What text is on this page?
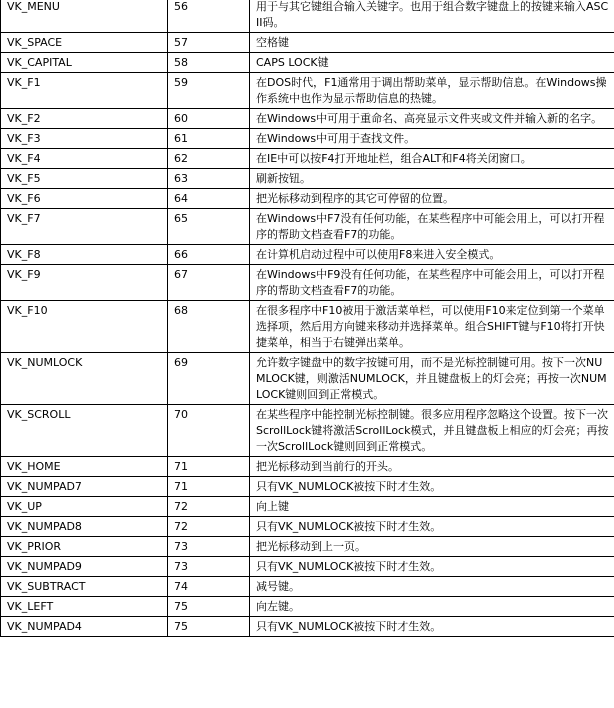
VK_MENU	56	用于与其它键组合输入关键字。也用于组合数字键盘上的按键来输入ASCII码。
VK_SPACE	57	空格键
VK_CAPITAL	58	CAPS LOCK键
VK_F1	59	在DOS时代，F1通常用于调出帮助菜单，显示帮助信息。在Windows操作系统中也作为显示帮助信息的热键。
VK_F2	60	在Windows中可用于重命名、高亮显示文件夹或文件并输入新的名字。
VK_F3	61	在Windows中可用于查找文件。
VK_F4	62	在IE中可以按F4打开地址栏，组合ALT和F4将关闭窗口。
VK_F5	63	刷新按钮。
VK_F6	64	把光标移动到程序的其它可停留的位置。
VK_F7	65	在Windows中F7没有任何功能，在某些程序中可能会用上，可以打开程序的帮助文档查看F7的功能。
VK_F8	66	在计算机启动过程中可以使用F8来进入安全模式。
VK_F9	67	在Windows中F9没有任何功能，在某些程序中可能会用上，可以打开程序的帮助文档查看F7的功能。
VK_F10	68	在很多程序中F10被用于激活菜单栏，可以使用F10来定位到第一个菜单选择项，然后用方向键来移动并选择菜单。组合SHIFT键与F10将打开快捷菜单，相当于右键弹出菜单。
VK_NUMLOCK	69	允许数字键盘中的数字按键可用，而不是光标控制键可用。按下一次NUMLOCK键，则激活NUMLOCK，并且键盘板上的灯会亮；再按一次NUMLOCK键则回到正常模式。
VK_SCROLL	70	在某些程序中能控制光标控制键。很多应用程序忽略这个设置。按下一次ScrollLock键将激活ScrollLock模式，并且键盘板上相应的灯会亮；再按一次ScrollLock键则回到正常模式。
VK_HOME	71	把光标移动到当前行的开头。
VK_NUMPAD7	71	只有VK_NUMLOCK被按下时才生效。
VK_UP	72	向上键
VK_NUMPAD8	72	只有VK_NUMLOCK被按下时才生效。
VK_PRIOR	73	把光标移动到上一页。
VK_NUMPAD9	73	只有VK_NUMLOCK被按下时才生效。
VK_SUBTRACT	74	减号键。
VK_LEFT	75	向左键。
VK_NUMPAD4	75	只有VK_NUMLOCK被按下时才生效。
